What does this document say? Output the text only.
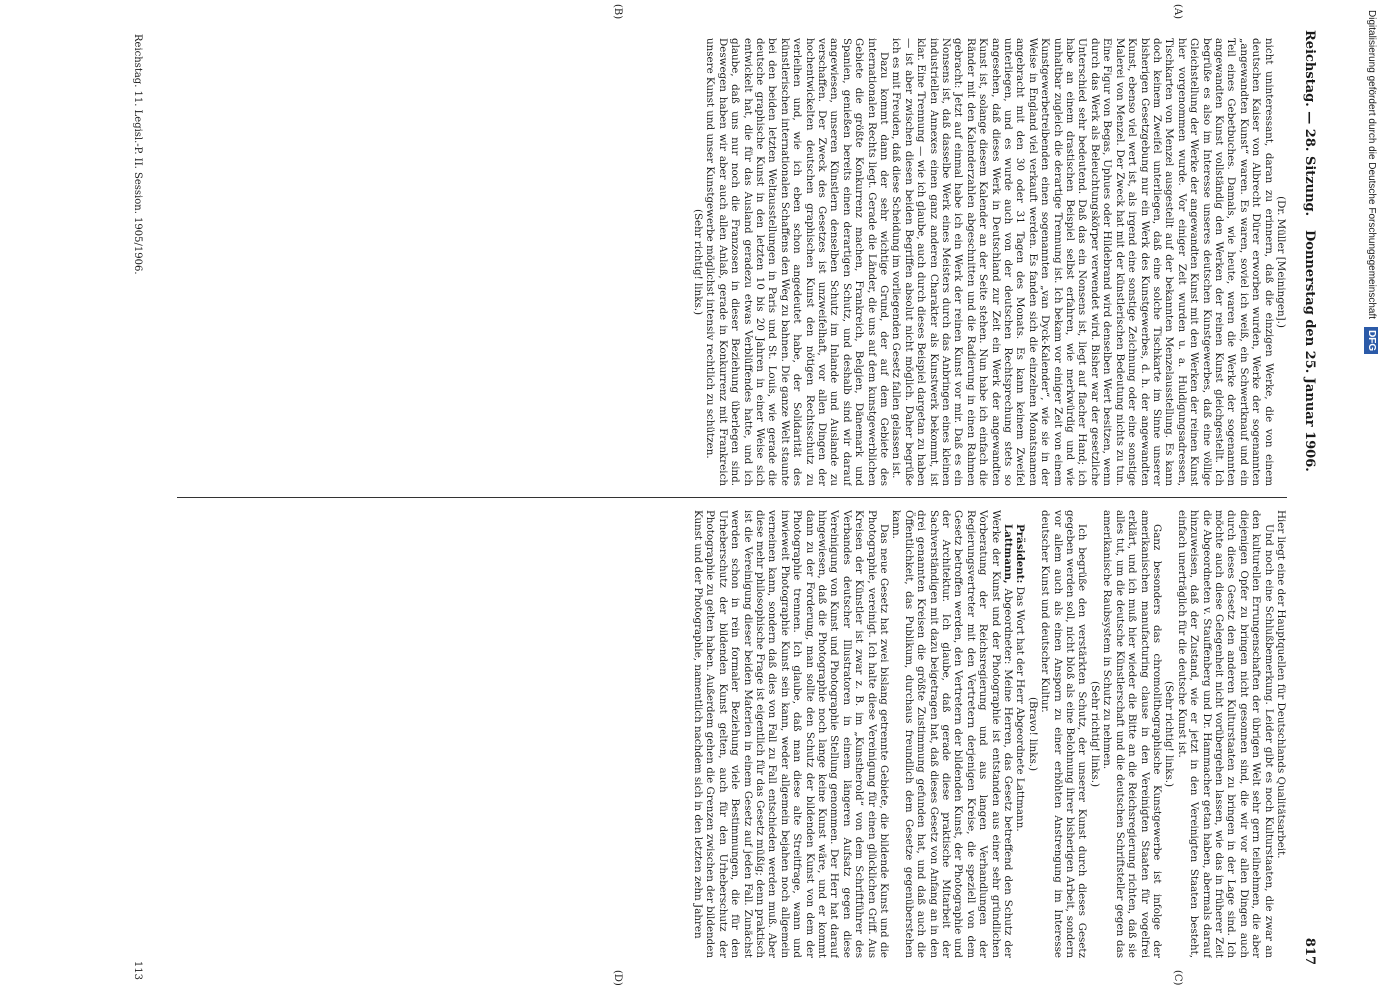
Digitalisierung gefördert durch die Deutsche Forschungsgemeinschaft
DFG
Reichstag. — 28. Sitzung.
Donnerstag den 25. Januar 1906.
817
(A)
(B)
(C)
(D)

(Dr. Müller [Meiningen].)

nicht uninteressant, daran zu erinnern, daß die einzigen Werke, die von einem deutschen Kaiser von Albrecht Dürer erworben wurden, Werke der sogenannten „angewandten Kunst“ waren. Es waren, soviel ich weiß, ein Schwertknauf und ein Teil eines Gebetbuches. Damals, wie heute, waren die Werke der sogenannten angewandten Kunst vollständig den Werken der reinen Kunst gleichgestellt. Ich begrüße es also im Interesse unseres deutschen Kunstgewerbes, daß eine völlige Gleichstellung der Werke der angewandten Kunst mit den Werken der reinen Kunst hier vorgenommen wurde. Vor einiger Zeit wurden u. a. Huldigungsadressen, Tischkarten von Menzel ausgestellt auf der bekannten Menzelausstellung. Es kann doch keinem Zweifel unterliegen, daß eine solche Tischkarte im Sinne unserer bisherigen Gesetzgebung nur ein Werk des Kunstgewerbes, d. h. der angewandten Kunst, ebenso viel wert ist, als irgend eine sonstige Zeichnung oder eine sonstige Malerei von Menzel. Der Zweck hat mit der künstlerischen Bedeutung nichts zu tun. Eine Figur von Begas, Uphues oder Hildebrand wird denselben Wert besitzen, wenn durch das Werk als Beleuchtungskörper verwendet wird. Bisher war der gesetzliche Unterschied sehr bedeutend. Daß das ein Nonsens ist, liegt auf flacher Hand; ich habe an einem drastischen Beispiel selbst erfahren, wie merkwürdig und wie unhaltbar zugleich die derartige Trennung ist. Ich bekam vor einiger Zeit von einem Kunstgewerbetreibenden einen sogenannten „van Dyck-Kalender“, wie sie in der Weise in England viel verkauft werden. Es fanden sich die einzelnen Monatsnamen angebracht mit den 30 oder 31 Tagen des Monats. Es kann keinem Zweifel unterliegen, und es wurde auch von der deutschen Rechtsprechung stets so angesehen, daß dieses Werk in Deutschland zur Zeit ein Werk der angewandten Kunst ist, solange diesem Kalender an der Seite stehen. Nun habe ich einfach die Ränder mit den Kalenderzahlen abgeschnitten und die Radierung in einen Rahmen gebracht: Jetzt auf einmal habe ich ein Werk der reinen Kunst vor mir. Daß es ein Nonsens ist, daß dasselbe Werk eines Meisters durch das Anbringen eines kleinen industriellen Annexes einen ganz anderen Charakter als Kunstwerk bekommt, ist klar. Eine Trennung — wie ich glaube, auch durch dieses Beispiel dargetan zu haben — ist aber zwischen diesen beiden Begriffen absolut nicht möglich. Daher begrüße ich es mit Freuden, daß diese Scheidung im vorliegenden Gesetz fallen gelassen ist.

Dazu kommt dann der sehr wichtige Grund, der auf dem Gebiete des internationalen Rechts liegt. Gerade die Länder, die uns auf dem kunstgewerblichen Gebiete die größte Konkurrenz machen, Frankreich, Belgien, Dänemark und Spanien, genießen bereits einen derartigen Schutz, und deshalb sind wir darauf angewiesen, unseren Künstlern denselben Schutz im Inlande und Auslande zu verschaffen. Der Zweck des Gesetzes ist unzweifelhaft, vor allen Dingen der hochentwickelten deutschen graphischen Kunst den nötigen Rechtsschutz zu verleihen und, wie ich eben schon angedeutet habe, der Solidarität des künstlerischen internationalen Schaffens den Weg zu bahnen. Die ganze Welt staunte bei den beiden letzten Weltausstellungen in Paris und St. Louis, wie gerade die deutsche graphische Kunst in den letzten 10 bis 20 Jahren in einer Weise sich entwickelt hat, die für das Ausland geradezu etwas Verblüffendes hatte, und ich glaube, daß uns nur noch die Franzosen in dieser Beziehung überlegen sind. Deswegen haben wir aber auch allen Anlaß, gerade in Konkurrenz mit Frankreich unsere Kunst und unser Kunstgewerbe möglichst intensiv rechtlich zu schützen.

(Sehr richtig! links.)

Hier liegt eine der Hauptquellen für Deutschlands Qualitätsarbeit.

Und noch eine Schlußbemerkung. Leider gibt es noch Kulturstaaten, die zwar an den kulturellen Errungenschaften der übrigen Welt sehr gern teilnehmen, die aber diejenigen Opfer zu bringen nicht gesonnen sind, die wir vor allen Dingen auch durch dieses Gesetz den anderen Kulturstaaten zu bringen in der Lage sind. Ich möchte auch diese Gelegenheit nicht vorübergehen lassen, wie das in früherer Zeit die Abgeordneten v. Stauffenberg und Dr. Hammacher getan haben, abermals darauf hinzuweisen, daß der Zustand, wie er jetzt in den Vereinigten Staaten besteht, einfach unerträglich für die deutsche Kunst ist.

(Sehr richtig! links.)

Ganz besonders das chromolithographische Kunstgewerbe ist infolge der amerikanischen manufacturing clause in den Vereinigten Staaten für vogelfrei erklärt, und ich muß hier wieder die Bitte an die Reichsregierung richten, daß sie alles tut, um die deutsche Künstlerschaft und die deutschen Schriftsteller gegen das amerikanische Raubsystem in Schutz zu nehmen.

(Sehr richtig! links.)

Ich begrüße den verstärkten Schutz, der unserer Kunst durch dieses Gesetz gegeben werden soll, nicht bloß als eine Belohnung ihrer bisherigen Arbeit, sondern vor allem auch als einen Ansporn zu einer erhöhten Anstrengung im Interesse deutscher Kunst und deutscher Kultur.

(Bravo! links.)

Präsident: Das Wort hat der Herr Abgeordnete Lattmann.

Lattmann, Abgeordneter: Meine Herren, das Gesetz betreffend den Schutz der Werke der Kunst und der Photographie ist entstanden aus einer sehr gründlichen Vorberatung der Reichsregierung und aus langen Verhandlungen der Regierungsvertreter mit den Vertretern derjenigen Kreise, die speziell von dem Gesetz betroffen werden, den Vertretern der bildenden Kunst, der Photographie und der Architektur. Ich glaube, daß gerade diese praktische Mitarbeit der Sachverständigen mit dazu beigetragen hat, daß dieses Gesetz von Anfang an in den drei genannten Kreisen die größte Zustimmung gefunden hat, und daß auch die Öffentlichkeit, das Publikum, durchaus freundlich dem Gesetze gegenüberstehen kann.

Das neue Gesetz hat zwei bislang getrennte Gebiete, die bildende Kunst und die Photographie, vereinigt. Ich halte diese Vereinigung für einen glücklichen Griff. Aus Kreisen der Künstler ist zwar z. B. im „Kunstherold“ von dem Schriftführer des Verbandes deutscher Illustratoren in einem längeren Aufsatz gegen diese Vereinigung von Kunst und Photographie Stellung genommen. Der Herr hat darauf hingewiesen, daß die Photographie noch lange keine Kunst wäre, und er kommt dann zu der Forderung, man sollte den Schutz der bildenden Kunst von dem der Photographie trennen. Ich glaube, daß man diese alte Streitfrage, wann und inwieweit Photographie Kunst sein kann, weder allgemein bejahen noch allgemein verneinen kann, sondern daß dies von Fall zu Fall entschieden werden muß. Aber diese mehr philosophische Frage ist eigentlich für das Gesetz müßig; denn praktisch ist die Vereinigung dieser beiden Materien in einem Gesetz auf jeden Fall. Zunächst werden schon in rein formaler Beziehung viele Bestimmungen, die für den Urheberschutz der bildenden Kunst gelten, auch für den Urheberschutz der Photographie zu gelten haben. Außerdem gehen die Grenzen zwischen der bildenden Kunst und der Photographie, namentlich nachdem sich in den letzten zehn Jahren

Reichstag. 11. Legisl.-P. II. Session. 1905/1906.
113
